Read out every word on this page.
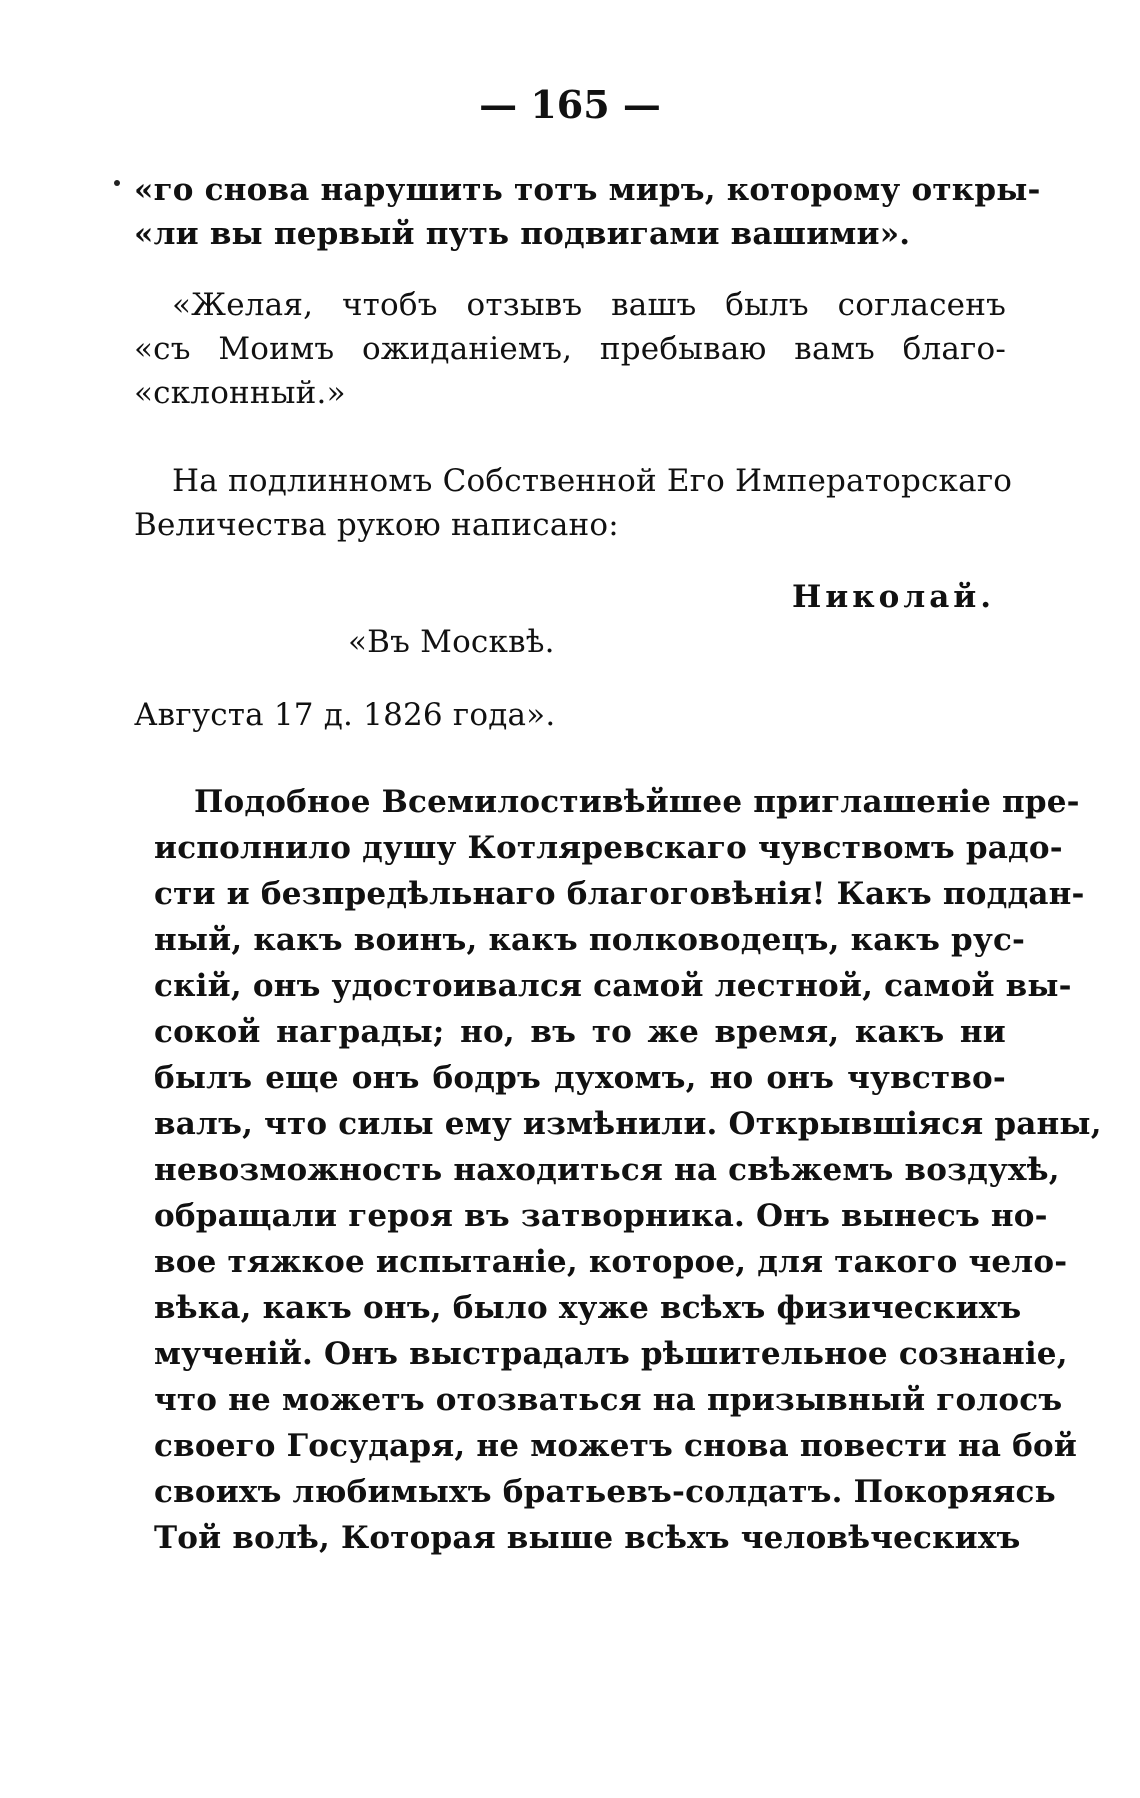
— 165 —
«го снова нарушить тотъ миръ, которому откры-
«ли вы первый путь подвигами вашими».
«Желая, чтобъ отзывъ вашъ былъ согласенъ
«съ Моимъ ожиданіемъ, пребываю вамъ благо-
«склонный.»
На подлинномъ Собственной Его Императорскаго
Величества рукою написано:
Николай.
«Въ Москвѣ.
Августа 17 д. 1826 года».
Подобное Всемилостивѣйшее приглашеніе пре-
исполнило душу Котляревскаго чувствомъ радо-
сти и безпредѣльнаго благоговѣнія! Какъ поддан-
ный, какъ воинъ, какъ полководецъ, какъ рус-
скій, онъ удостоивался самой лестной, самой вы-
сокой награды; но, въ то же время, какъ ни
былъ еще онъ бодръ духомъ, но онъ чувство-
валъ, что силы ему измѣнили. Открывшіяся раны,
невозможность находиться на свѣжемъ воздухѣ,
обращали героя въ затворника. Онъ вынесъ но-
вое тяжкое испытаніе, которое, для такого чело-
вѣка, какъ онъ, было хуже всѣхъ физическихъ
мученій. Онъ выстрадалъ рѣшительное сознаніе,
что не можетъ отозваться на призывный голосъ
своего Государя, не можетъ снова повести на бой
своихъ любимыхъ братьевъ-солдатъ. Покоряясь
Той волѣ, Которая выше всѣхъ человѣческихъ
